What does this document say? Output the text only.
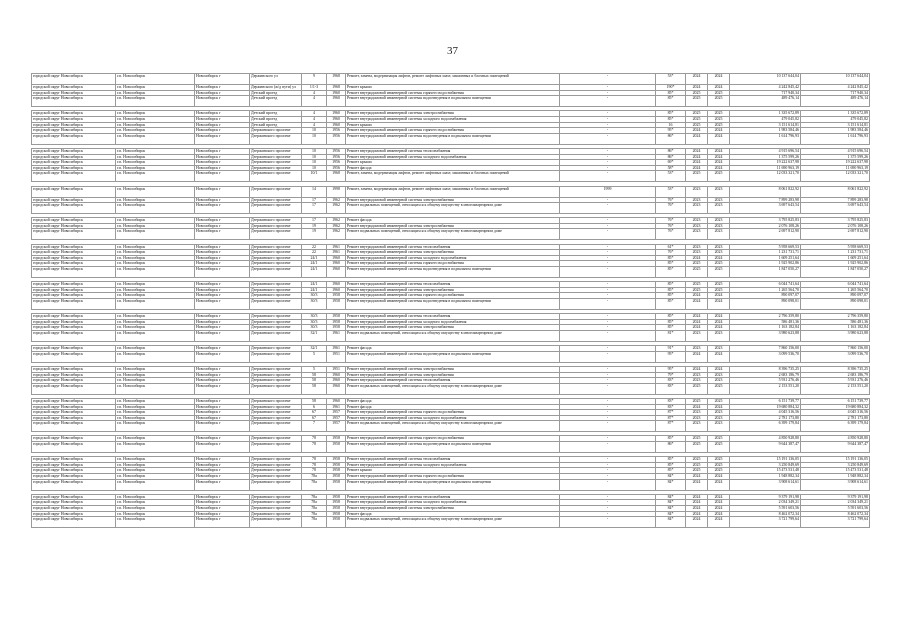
37
городской округ Новосибирск	г.п. Новосибирск	Новосибирск г	Держинского ул	9	1968	Ремонт, замена, модернизация лифтов, ремонт лифтовых шахт, машинных и блочных помещений	-	53*	2024	2024	10 137 644,04	10 137 644,04
городской округ Новосибирск	г.п. Новосибирск	Новосибирск г	Держинского (ж/д пути) ул	1/1-3	1968	Ремонт крыши	-	190*	2024	2024	4 242 845,42	4 242 845,42
городской округ Новосибирск	г.п. Новосибирск	Новосибирск г	Детский проезд	4	1960	Ремонт внутридомовой инженерной системы горячего водоснабжения	-	85*	2025	2025	717 940,34	717 940,34
городской округ Новосибирск	г.п. Новосибирск	Новосибирск г	Детский проезд	4	1960	Ремонт внутридомовой инженерной системы водоотведения в подвальном помещении	-	85*	2025	2025	489 476,14	489 476,14

городской округ Новосибирск	г.п. Новосибирск	Новосибирск г	Детский проезд	4	1960	Ремонт внутридомовой инженерной системы электроснабжения	-	85*	2025	2025	1 335 672,89	1 335 672,89
городской округ Новосибирск	г.п. Новосибирск	Новосибирск г	Детский проезд	4	1960	Ремонт внутридомовой инженерной системы холодного водоснабжения	-	85*	2025	2025	479 045,82	479 045,82
городской округ Новосибирск	г.п. Новосибирск	Новосибирск г	Детский проезд	4	1960	Ремонт крыши	-	16	2025	2025	3 151 614,81	3 151 614,81
городской округ Новосибирск	г.п. Новосибирск	Новосибирск г	Дзержинского проспект	10	1956	Ремонт внутридомовой инженерной системы горячего водоснабжения	-	95*	2024	2024	1 983 584,46	1 983 584,46
городской округ Новосибирск	г.п. Новосибирск	Новосибирск г	Дзержинского проспект	10	1956	Ремонт внутридомовой инженерной системы водоотведения в подвальном помещении	-	86*	2024	2024	1 614 796,93	1 614 796,93

городской округ Новосибирск	г.п. Новосибирск	Новосибирск г	Дзержинского проспект	10	1956	Ремонт внутридомовой инженерной системы теплоснабжения	-	86*	2024	2024	4 915 696,54	4 915 696,54
городской округ Новосибирск	г.п. Новосибирск	Новосибирск г	Дзержинского проспект	10	1956	Ремонт внутридомовой инженерной системы холодного водоснабжения	-	86*	2024	2024	1 375 599,26	1 375 599,26
городской округ Новосибирск	г.п. Новосибирск	Новосибирск г	Дзержинского проспект	10	1956	Ремонт крыши	-	69*	2024	2024	19 222 637,98	19 222 637,98
городской округ Новосибирск	г.п. Новосибирск	Новосибирск г	Дзержинского проспект	10	1956	Ремонт фасада	-	58*	2024	2024	11 690 963,19	11 690 963,19
городской округ Новосибирск	г.п. Новосибирск	Новосибирск г	Дзержинского проспект	10/1	1968	Ремонт, замена, модернизация лифтов, ремонт лифтовых шахт, машинных и блочных помещений	-	53*	2025	2025	12 033 321,70	12 033 321,70

городской округ Новосибирск	г.п. Новосибирск	Новосибирск г	Дзержинского проспект	14	1998	Ремонт, замена, модернизация лифтов, ремонт лифтовых шахт, машинных и блочных помещений	1999	53*	2023	2023	8 061 822,92	8 061 822,92
городской округ Новосибирск	г.п. Новосибирск	Новосибирск г	Дзержинского проспект	17	1962	Ремонт внутридомовой инженерной системы электроснабжения	-	76*	2023	2023	7 899 283,98	7 899 283,98
городской округ Новосибирск	г.п. Новосибирск	Новосибирск г	Дзержинского проспект	17	1962	Ремонт подвальных помещений, относящихся к общему имуществу в многоквартирном доме	-	76*	2023	2023	3 697 643,54	3 697 643,54

городской округ Новосибирск	г.п. Новосибирск	Новосибирск г	Дзержинского проспект	17	1962	Ремонт фасада	-	76*	2023	2023	3 795 825,83	3 795 825,83
городской округ Новосибирск	г.п. Новосибирск	Новосибирск г	Дзержинского проспект	19	1962	Ремонт внутридомовой инженерной системы электроснабжения	-	76*	2023	2023	2 076 108,26	2 076 108,26
городской округ Новосибирск	г.п. Новосибирск	Новосибирск г	Дзержинского проспект	19	1962	Ремонт подвальных помещений, относящихся к общему имуществу в многоквартирном доме	-	76*	2023	2023	2 697 812,90	2 697 812,90

городской округ Новосибирск	г.п. Новосибирск	Новосибирск г	Дзержинского проспект	22	1961	Ремонт внутридомовой инженерной системы теплоснабжения	-	61*	2023	2023	5 958 669,53	5 958 669,53
городской округ Новосибирск	г.п. Новосибирск	Новосибирск г	Дзержинского проспект	22	1961	Ремонт внутридомовой инженерной системы электроснабжения	-	76*	2023	2023	1 231 731,71	1 231 731,71
городской округ Новосибирск	г.п. Новосибирск	Новосибирск г	Дзержинского проспект	24/1	1960	Ремонт внутридомовой инженерной системы холодного водоснабжения	-	85*	2024	2024	1 609 251,64	1 609 251,64
городской округ Новосибирск	г.п. Новосибирск	Новосибирск г	Дзержинского проспект	24/1	1960	Ремонт внутридомовой инженерной системы горячего водоснабжения	-	85*	2025	2025	1 925 902,86	1 925 902,86
городской округ Новосибирск	г.п. Новосибирск	Новосибирск г	Дзержинского проспект	24/1	1960	Ремонт внутридомовой инженерной системы водоотведения в подвальном помещении	-	85*	2025	2025	1 847 050,27	1 847 050,27

городской округ Новосибирск	г.п. Новосибирск	Новосибирск г	Дзержинского проспект	24/1	1960	Ремонт внутридомовой инженерной системы теплоснабжения	-	85*	2025	2025	6 044 741,64	6 044 741,64
городской округ Новосибирск	г.п. Новосибирск	Новосибирск г	Дзержинского проспект	24/1	1960	Ремонт внутридомовой инженерной системы электроснабжения	-	85*	2025	2025	1 265 564,70	1 265 564,70
городской округ Новосибирск	г.п. Новосибирск	Новосибирск г	Дзержинского проспект	30/3	1958	Ремонт внутридомовой инженерной системы горячего водоснабжения	-	85*	2024	2024	890 097,07	890 097,07
городской округ Новосибирск	г.п. Новосибирск	Новосибирск г	Дзержинского проспект	30/3	1958	Ремонт внутридомовой инженерной системы водоотведения в подвальном помещении	-	85*	2024	2024	890 098,01	890 098,01

городской округ Новосибирск	г.п. Новосибирск	Новосибирск г	Дзержинского проспект	30/3	1958	Ремонт внутридомовой инженерной системы теплоснабжения	-	85*	2024	2024	2 796 359,80	2 796 359,80
городской округ Новосибирск	г.п. Новосибирск	Новосибирск г	Дзержинского проспект	30/3	1958	Ремонт внутридомовой инженерной системы холодного водоснабжения	-	85*	2024	2024	586 481,36	586 481,36
городской округ Новосибирск	г.п. Новосибирск	Новосибирск г	Дзержинского проспект	30/3	1958	Ремонт внутридомовой инженерной системы электроснабжения	-	85*	2024	2024	1 163 182,84	1 163 182,84
городской округ Новосибирск	г.п. Новосибирск	Новосибирск г	Дзержинского проспект	32/1	1961	Ремонт подвальных помещений, относящихся к общему имуществу в многоквартирном доме	-	81*	2023	2023	3 980 623,88	3 980 623,88

городской округ Новосибирск	г.п. Новосибирск	Новосибирск г	Дзержинского проспект	32/1	1961	Ремонт фасада	-	91*	2023	2023	7 860 156,00	7 860 156,00
городской округ Новосибирск	г.п. Новосибирск	Новосибирск г	Дзержинского проспект	5	1951	Ремонт внутридомовой инженерной системы водоотведения в подвальном помещении	-	95*	2024	2024	3 099 536,70	3 099 536,70

городской округ Новосибирск	г.п. Новосибирск	Новосибирск г	Дзержинского проспект	5	1951	Ремонт внутридомовой инженерной системы электроснабжения	-	95*	2024	2024	8 396 735,25	8 396 735,25
городской округ Новосибирск	г.п. Новосибирск	Новосибирск г	Дзержинского проспект	58	1960	Ремонт внутридомовой инженерной системы электроснабжения	-	79*	2023	2023	2 683 186,79	2 683 186,79
городской округ Новосибирск	г.п. Новосибирск	Новосибирск г	Дзержинского проспект	58	1960	Ремонт внутридомовой инженерной системы теплоснабжения	-	83*	2023	2023	5 931 276,46	5 931 276,46
городской округ Новосибирск	г.п. Новосибирск	Новосибирск г	Дзержинского проспект	58	1960	Ремонт подвальных помещений, относящихся к общему имуществу в многоквартирном доме	-	83*	2025	2025	2 153 551,20	2 153 551,20

городской округ Новосибирск	г.п. Новосибирск	Новосибирск г	Дзержинского проспект	58	1960	Ремонт фасада	-	83*	2025	2025	6 151 739,77	6 151 739,77
городской округ Новосибирск	г.п. Новосибирск	Новосибирск г	Дзержинского проспект	6	1961	Ремонт фасада	-	83*	2024	2024	19 680 884,32	19 680 884,32
городской округ Новосибирск	г.п. Новосибирск	Новосибирск г	Дзержинского проспект	67	1957	Ремонт внутридомовой инженерной системы горячего водоснабжения	-	87*	2023	2023	4 045 316,56	4 045 316,56
городской округ Новосибирск	г.п. Новосибирск	Новосибирск г	Дзержинского проспект	67	1957	Ремонт внутридомовой инженерной системы холодного водоснабжения	-	87*	2023	2023	2 781 173,80	2 781 173,80
городской округ Новосибирск	г.п. Новосибирск	Новосибирск г	Дзержинского проспект	7	1957	Ремонт подвальных помещений, относящихся к общему имуществу в многоквартирном доме	-	87*	2023	2023	6 399 179,84	6 399 179,84

городской округ Новосибирск	г.п. Новосибирск	Новосибирск г	Дзержинского проспект	78	1958	Ремонт внутридомовой инженерной системы горячего водоснабжения	-	85*	2025	2025	4 850 928,80	4 850 928,80
городской округ Новосибирск	г.п. Новосибирск	Новосибирск г	Дзержинского проспект	78	1958	Ремонт внутридомовой инженерной системы водоотведения в подвальном помещении	-	86*	2025	2025	9 644 387,47	9 644 387,47

городской округ Новосибирск	г.п. Новосибирск	Новосибирск г	Дзержинского проспект	78	1958	Ремонт внутридомовой инженерной системы теплоснабжения	-	85*	2025	2025	15 191 136,05	15 191 136,05
городской округ Новосибирск	г.п. Новосибирск	Новосибирск г	Дзержинского проспект	78	1958	Ремонт внутридомовой инженерной системы холодного водоснабжения	-	85*	2025	2025	3 250 849,69	3 250 849,69
городской округ Новосибирск	г.п. Новосибирск	Новосибирск г	Дзержинского проспект	78	1958	Ремонт крыши	-	85*	2025	2025	15 473 531,48	15 473 531,48
городской округ Новосибирск	г.п. Новосибирск	Новосибирск г	Дзержинского проспект	78а	1958	Ремонт внутридомовой инженерной системы горячего водоснабжения	-	84*	2024	2024	1 948 882,34	1 948 882,34
городской округ Новосибирск	г.п. Новосибирск	Новосибирск г	Дзержинского проспект	78а	1958	Ремонт внутридомовой инженерной системы водоотведения в подвальном помещении	-	84*	2024	2024	3 908 614,61	3 908 614,61

городской округ Новосибирск	г.п. Новосибирск	Новосибирск г	Дзержинского проспект	78а	1958	Ремонт внутридомовой инженерной системы теплоснабжения	-	84*	2024	2024	9 379 191,98	9 379 191,98
городской округ Новосибирск	г.п. Новосибирск	Новосибирск г	Дзержинского проспект	78а	1958	Ремонт внутридомовой инженерной системы холодного водоснабжения	-	84*	2024	2024	2 034 349,21	2 034 349,21
городской округ Новосибирск	г.п. Новосибирск	Новосибирск г	Дзержинского проспект	78а	1958	Ремонт внутридомовой инженерной системы электроснабжения	-	84*	2024	2024	5 591 603,56	5 591 603,56
городской округ Новосибирск	г.п. Новосибирск	Новосибирск г	Дзержинского проспект	78а	1958	Ремонт фасада	-	84*	2024	2024	8 462 072,34	8 462 072,34
городской округ Новосибирск	г.п. Новосибирск	Новосибирск г	Дзержинского проспект	78а	1958	Ремонт подвальных помещений, относящихся к общему имуществу в многоквартирном доме	-	84*	2024	2024	3 721 799,64	3 721 799,64
